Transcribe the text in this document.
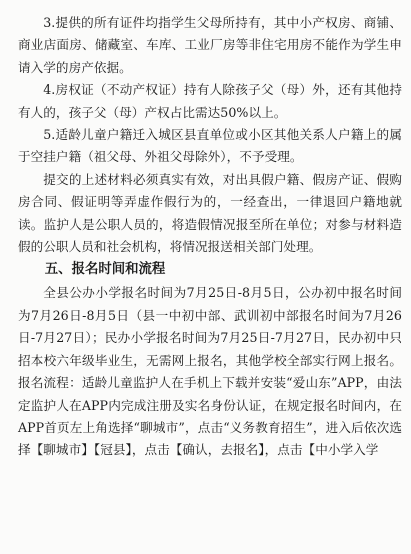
3.提供的所有证件均指学生父母所持有，其中小产权房、商铺、商业店面房、储藏室、车库、工业厂房等非住宅用房不能作为学生申请入学的房产依据。

4.房权证（不动产权证）持有人除孩子父（母）外，还有其他持有人的，孩子父（母）产权占比需达50%以上。

5.适龄儿童户籍迁入城区县直单位或小区其他关系人户籍上的属于空挂户籍（祖父母、外祖父母除外），不予受理。

提交的上述材料必须真实有效，对出具假户籍、假房产证、假购房合同、假证明等弄虚作假行为的，一经查出，一律退回户籍地就读。监护人是公职人员的，将造假情况报至所在单位；对参与材料造假的公职人员和社会机构，将情况报送相关部门处理。

五、报名时间和流程

全县公办小学报名时间为7月25日-8月5日，公办初中报名时间为7月26日-8月5日（县一中初中部、武训初中部报名时间为7月26日-7月27日）；民办小学报名时间为7月25日-7月27日，民办初中只招本校六年级毕业生，无需网上报名，其他学校全部实行网上报名。报名流程：适龄儿童监护人在手机上下载并安装“爱山东”APP，由法定监护人在APP内完成注册及实名身份认证，在规定报名时间内，在APP首页左上角选择“聊城市”，点击“义务教育招生”，进入后依次选择【聊城市】【冠县】，点击【确认，去报名】，点击【中小学入学
